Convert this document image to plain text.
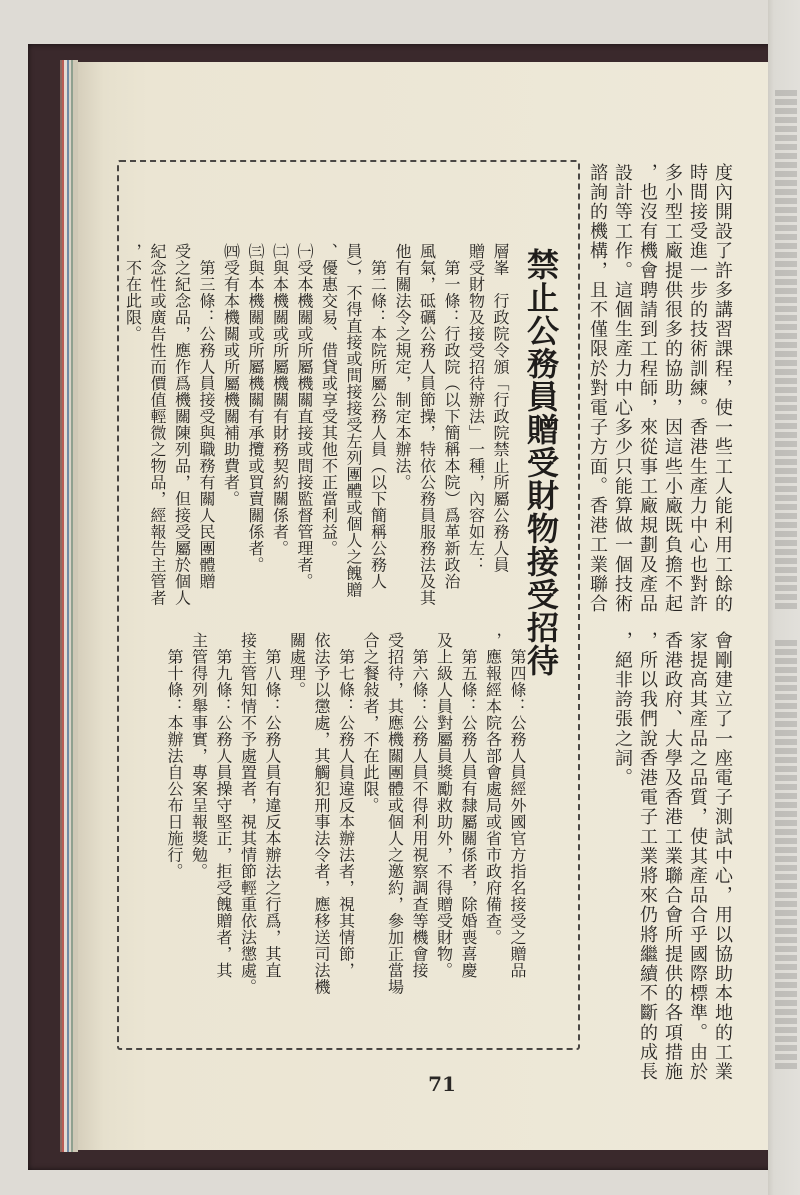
度內開設了許多講習課程，使一些工人能利用工餘的
時間接受進一步的技術訓練。香港生產力中心也對許
多小型工廠提供很多的協助，因這些小廠既負擔不起
，也沒有機會聘請到工程師，來從事工廠規劃及產品
設計等工作。這個生產力中心多少只能算做一個技術
諮詢的機構，且不僅限於對電子方面。香港工業聯合
會剛建立了一座電子測試中心，用以協助本地的工業
家提高其產品之品質，使其產品合乎國際標準。由於
香港政府、大學及香港工業聯合會所提供的各項措施
，所以我們說香港電子工業將來仍將繼續不斷的成長
，絕非誇張之詞。
禁止公務員贈受財物接受招待
層峯　行政院令頒「行政院禁止所屬公務人員
贈受財物及接受招待辦法」一種，內容如左：
　第一條：行政院（以下簡稱本院）爲革新政治
風氣，砥礪公務人員節操，特依公務員服務法及其
他有關法令之規定，制定本辦法。
　第二條：本院所屬公務人員（以下簡稱公務人
員），不得直接或間接接受左列團體或個人之餽贈
、優惠交易、借貸或享受其他不正當利益。
㈠受本機關或所屬機關直接或間接監督管理者。
㈡與本機關或所屬機關有財務契約關係者。
㈢與本機關或所屬機關有承攬或買賣關係者。
㈣受有本機關或所屬機關補助費者。
　第三條：公務人員接受與職務有關人民團體贈
受之紀念品，應作爲機關陳列品，但接受屬於個人
紀念性或廣告性而價值輕微之物品，經報告主管者
，不在此限。
　第四條：公務人員經外國官方指名接受之贈品
，應報經本院各部會處局或省市政府備查。
　第五條：公務人員有隸屬關係者，除婚喪喜慶
及上級人員對屬員獎勵救助外，不得贈受財物。
　第六條：公務人員不得利用視察調查等機會接
受招待，其應機關團體或個人之邀約，參加正當場
合之餐敍者，不在此限。
　第七條：公務人員違反本辦法者，視其情節，
依法予以懲處，其觸犯刑事法令者，應移送司法機
關處理。
　第八條：公務人員有違反本辦法之行爲，其直
接主管知情不予處置者，視其情節輕重依法懲處。
　第九條：公務人員操守堅正，拒受餽贈者，其
主管得列舉事實，專案呈報獎勉。
　第十條：本辦法自公布日施行。
71
